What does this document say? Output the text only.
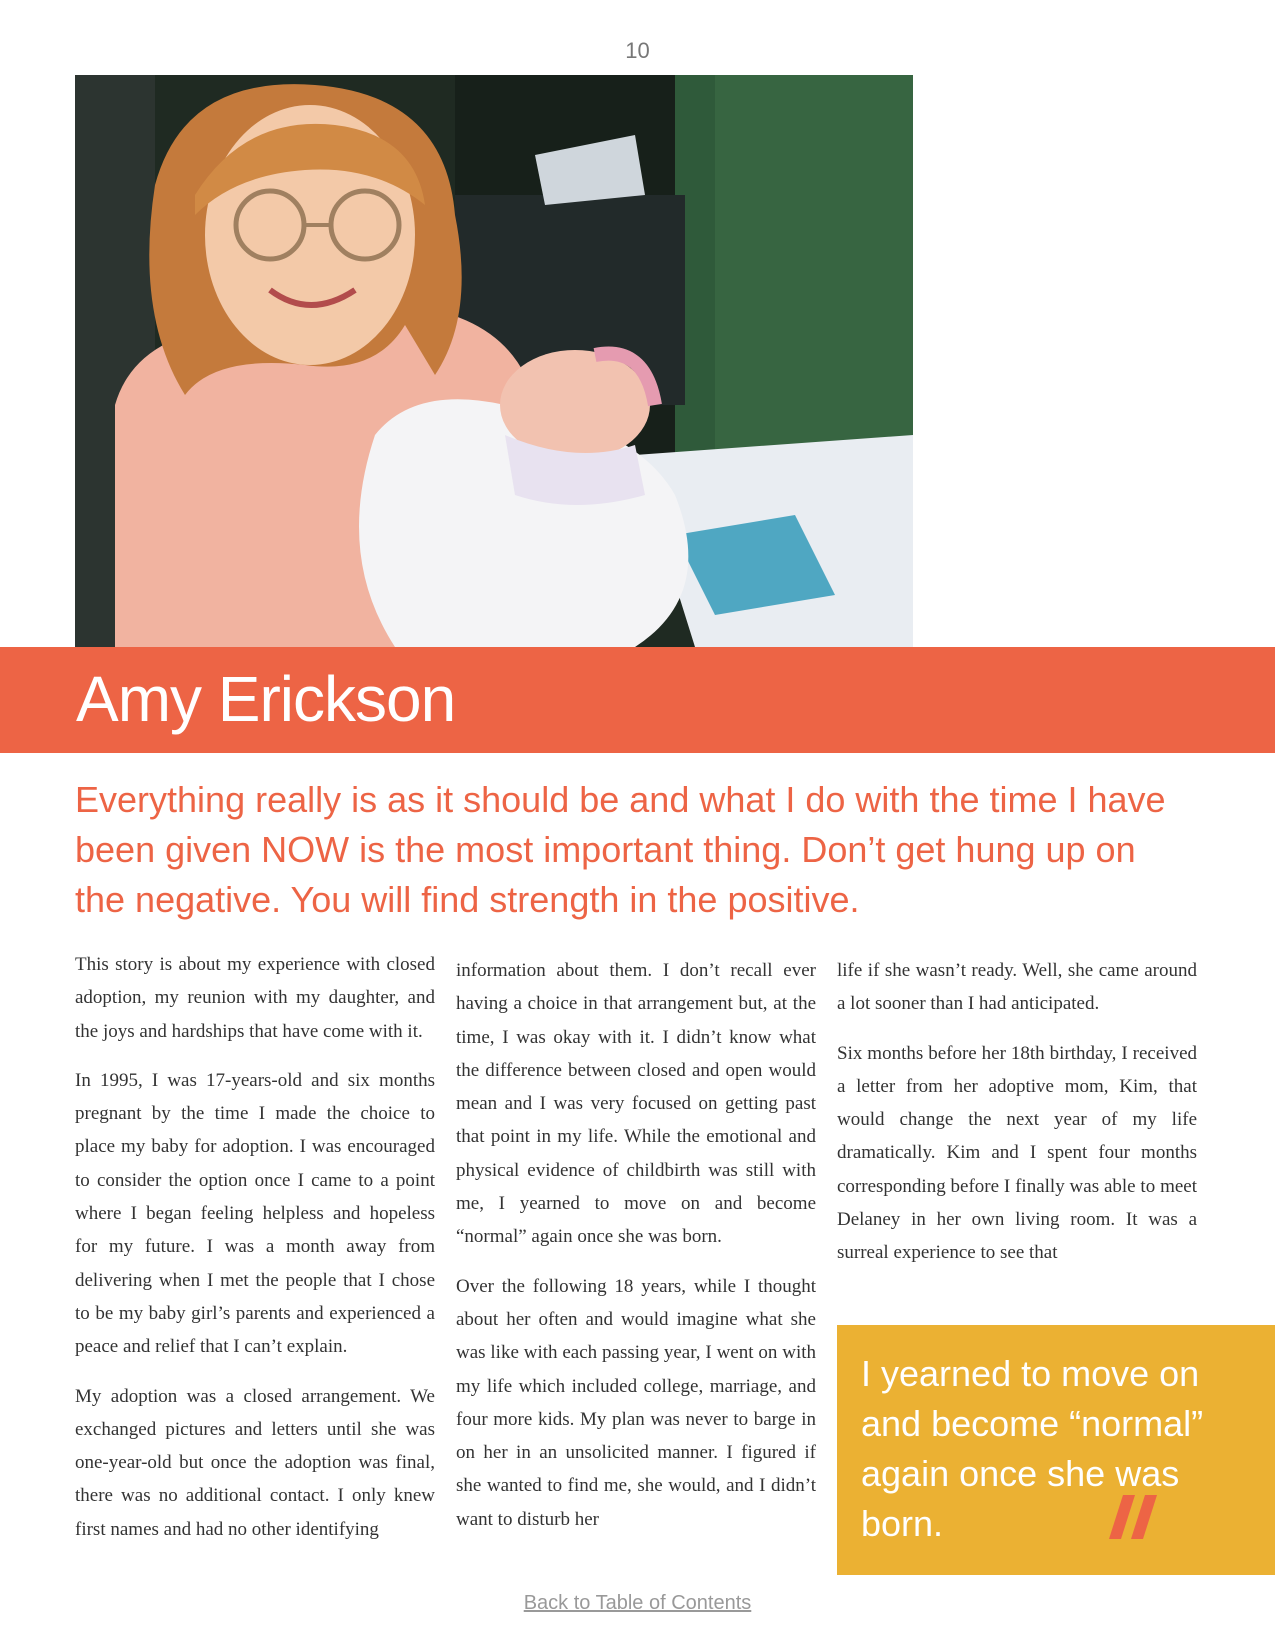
10
Amy Erickson
Everything really is as it should be and what I do with the time I have been given NOW is the most important thing. Don’t get hung up on the negative. You will find strength in the positive.

This story is about my experience with closed adoption, my reunion with my daughter, and the joys and hardships that have come with it.

In 1995, I was 17-years-old and six months pregnant by the time I made the choice to place my baby for adoption. I was encouraged to consider the option once I came to a point where I began feeling helpless and hopeless for my future. I was a month away from delivering when I met the people that I chose to be my baby girl’s parents and experienced a peace and relief that I can’t explain.

My adoption was a closed arrangement. We exchanged pictures and letters until she was one-year-old but once the adoption was final, there was no additional contact. I only knew first names and had no other identifying

information about them. I don’t recall ever having a choice in that arrangement but, at the time, I was okay with it. I didn’t know what the difference between closed and open would mean and I was very focused on getting past that point in my life. While the emotional and physical evidence of childbirth was still with me, I yearned to move on and become “normal” again once she was born.

Over the following 18 years, while I thought about her often and would imagine what she was like with each passing year, I went on with my life which included college, marriage, and four more kids. My plan was never to barge in on her in an unsolicited manner. I figured if she wanted to find me, she would, and I didn’t want to disturb her

life if she wasn’t ready. Well, she came around a lot sooner than I had anticipated.

Six months before her 18th birthday, I received a letter from her adoptive mom, Kim, that would change the next year of my life dramatically. Kim and I spent four months corresponding before I finally was able to meet Delaney in her own living room. It was a surreal experience to see that

I yearned to move on and become “normal” again once she was born.
Back to Table of Contents
